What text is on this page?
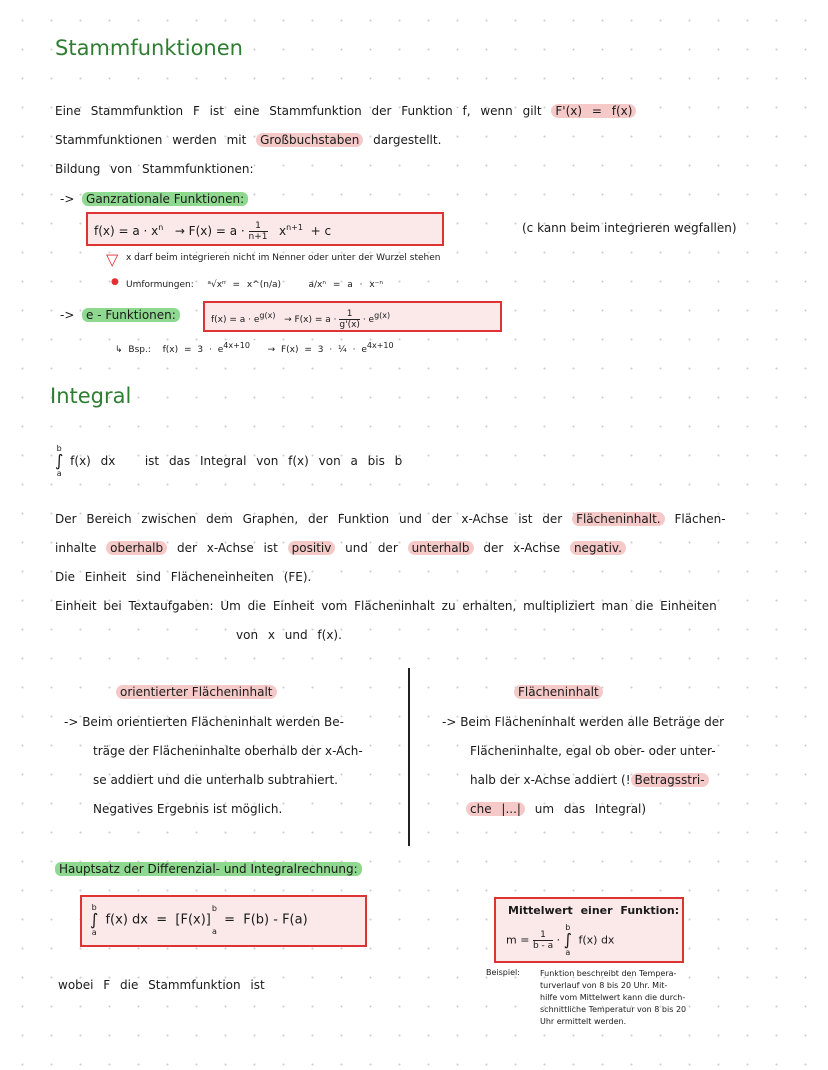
Stammfunktionen
Eine Stammfunktion F ist eine Stammfunktion der Funktion f, wenn gilt F'(x) = f(x)
Stammfunktionen werden mit Großbuchstaben dargestellt.
Bildung von Stammfunktionen:
-> Ganzrationale Funktionen:
$f(x) = a \cdot x^n \to F(x) = a \cdot \frac{1}{n+1} x^{n+1} + c$	(c kann beim integrieren wegfallen)
▽
●
x darf beim integrieren nicht im Nenner oder unter der Wurzel stehen
Umformungen: ᵃ√xⁿ = x^(n/a)	a/xⁿ = a · x⁻ⁿ
-> e - Funktionen:	$f(x) = a \cdot e^{g(x)} \to F(x) = a \cdot \frac{1}{g'(x)} \cdot e^{g(x)}$
↳ Bsp.: $f(x) = 3 \cdot e^{4x+10} \to F(x) = 3$ · ¼ · $e^{4x+10}$
Integral
b
∫
a
f(x) dx   ist das Integral von f(x) von a bis b
Der Bereich zwischen dem Graphen, der Funktion und der x-Achse ist der Flächeninhalt. Flächen-
inhalte oberhalb der x-Achse ist positiv und der unterhalb der x-Achse negativ.
Die Einheit sind Flächeneinheiten (FE).
Einheit bei Textaufgaben: Um die Einheit vom Flächeninhalt zu erhalten, multipliziert man die Einheiten
von x und f(x).
orientierter Flächeninhalt
-> Beim orientierten Flächeninhalt werden Be-
träge der Flächeninhalte oberhalb der x-Ach-
se addiert und die unterhalb subtrahiert.
Negatives Ergebnis ist möglich.
Flächeninhalt
-> Beim Flächeninhalt werden alle Beträge der
Flächeninhalte, egal ob ober- oder unter-
halb der x-Achse addiert (! Betragsstri-
che |...| um das Integral)
Hauptsatz der Differenzial- und Integralrechnung:
b
∫
a
f(x) dx  =  [F(x)]
b

a
=  F(b) - F(a)
wobei F die Stammfunktion ist
Mittelwert einer Funktion:
$m = \frac{1}{b - a}$ ·
b
∫
a
f(x) dx
Beispiel:	Funktion beschreibt den Tempera-
turverlauf von 8 bis 20 Uhr. Mit-
hilfe vom Mittelwert kann die durch-
schnittliche Temperatur von 8 bis 20
Uhr ermittelt werden.
